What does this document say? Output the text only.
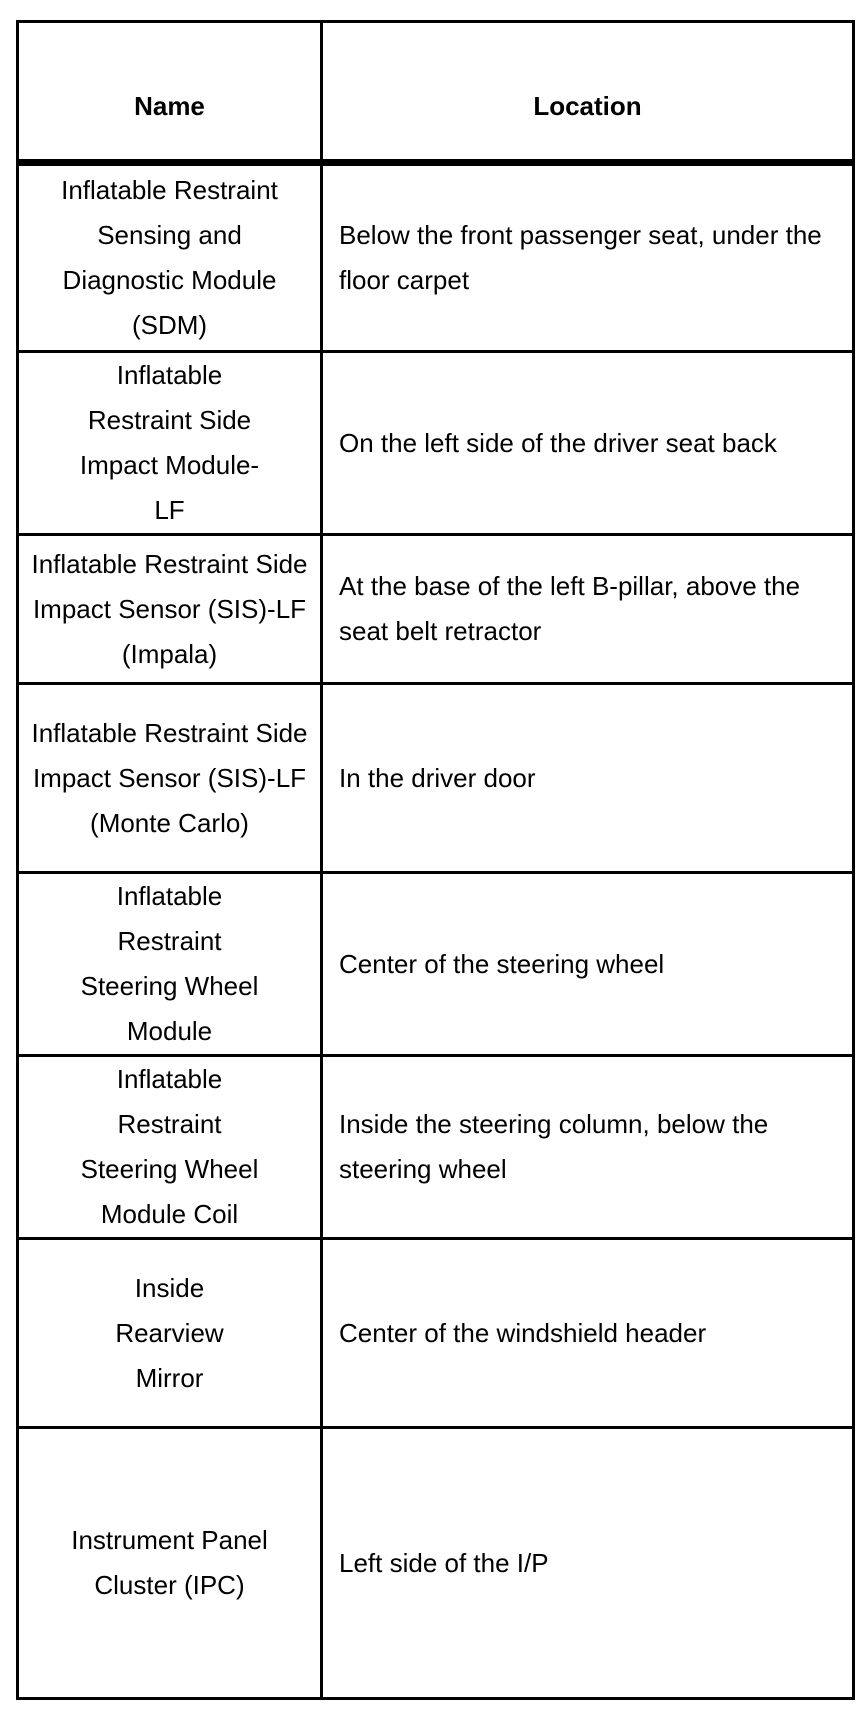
Name	Location
Inflatable Restraint Sensing and Diagnostic Module (SDM)	Below the front passenger seat, under the floor carpet
Inflatable Restraint Side Impact Module-LF	On the left side of the driver seat back
Inflatable Restraint Side Impact Sensor (SIS)-LF (Impala)	At the base of the left B-pillar, above the seat belt retractor
Inflatable Restraint Side Impact Sensor (SIS)-LF (Monte Carlo)	In the driver door
Inflatable Restraint Steering Wheel Module	Center of the steering wheel
Inflatable Restraint Steering Wheel Module Coil	Inside the steering column, below the steering wheel
Inside Rearview Mirror	Center of the windshield header
Instrument Panel Cluster (IPC)	Left side of the I/P
